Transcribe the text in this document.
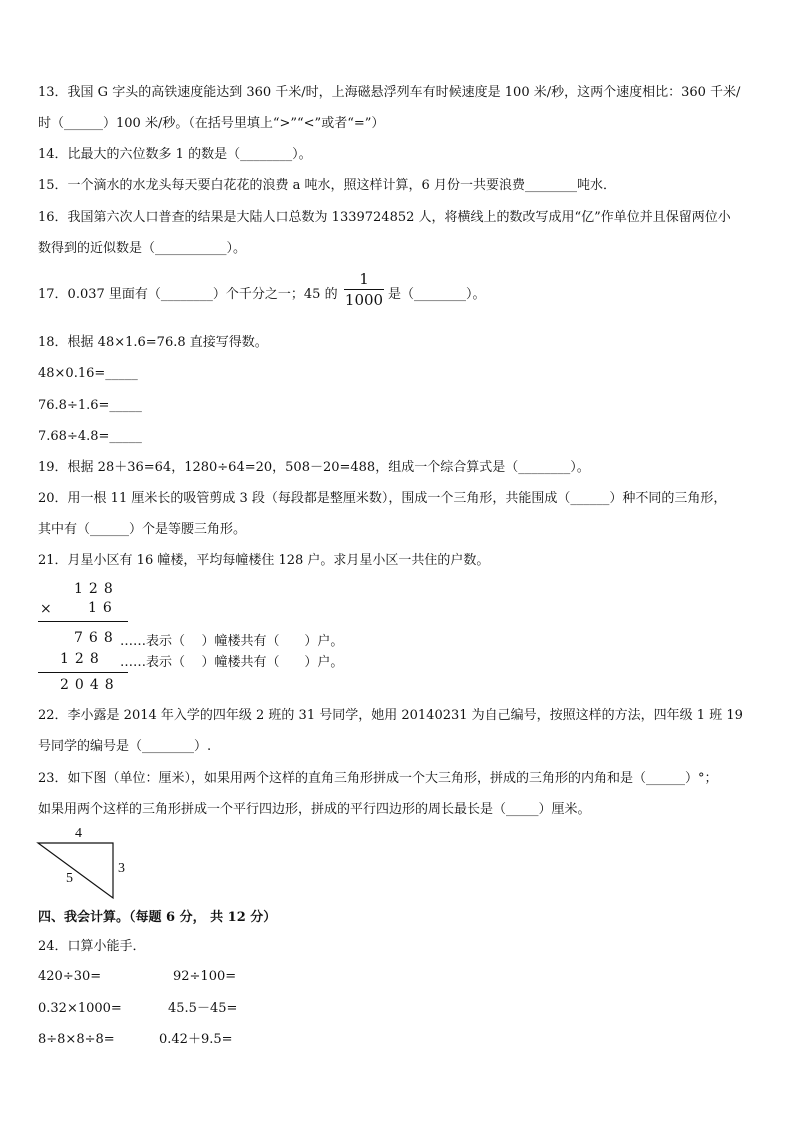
13．我国 G 字头的高铁速度能达到 360 千米/时，上海磁悬浮列车有时候速度是 100 米/秒，这两个速度相比：360 千米/
时（______）100 米/秒。（在括号里填上“>”“<”或者“=”）
14．比最大的六位数多 1 的数是（________）。
15．一个滴水的水龙头每天要白花花的浪费 a 吨水，照这样计算，6 月份一共要浪费________吨水．
16．我国第六次人口普查的结果是大陆人口总数为 1339724852 人，将横线上的数改写成用“亿”作单位并且保留两位小
数得到的近似数是（___________）。
17．0.037 里面有（________）个千分之一；45 的
1
1000 是（________）。
18．根据 48×1.6=76.8 直接写得数。
48×0.16=_____
76.8÷1.6=_____
7.68÷4.8=_____
19．根据 28＋36=64，1280÷64=20，508－20=488，组成一个综合算式是（________）。
20．用一根 11 厘米长的吸管剪成 3 段（每段都是整厘米数），围成一个三角形，共能围成（______）种不同的三角形，
其中有（______）个是等腰三角形。
21．月星小区有 16 幢楼，平均每幢楼住 128 户。求月星小区一共住的户数。
128
× 16
768 ……表示（    ）幢楼共有（      ）户。
128 ……表示（    ）幢楼共有（      ）户。
2048
22．李小露是 2014 年入学的四年级 2 班的 31 号同学，她用 20140231 为自己编号，按照这样的方法，四年级 1 班 19
号同学的编号是（________）.
23．如下图（单位：厘米），如果用两个这样的直角三角形拼成一个大三角形，拼成的三角形的内角和是（______）°；
如果用两个这样的三角形拼成一个平行四边形，拼成的平行四边形的周长最长是（_____）厘米。
4
3
5
四、我会计算。（每题 6 分， 共 12 分）
24．口算小能手．
420÷30=	92÷100=
0.32×1000=	45.5－45=
8÷8×8÷8=	0.42＋9.5=
